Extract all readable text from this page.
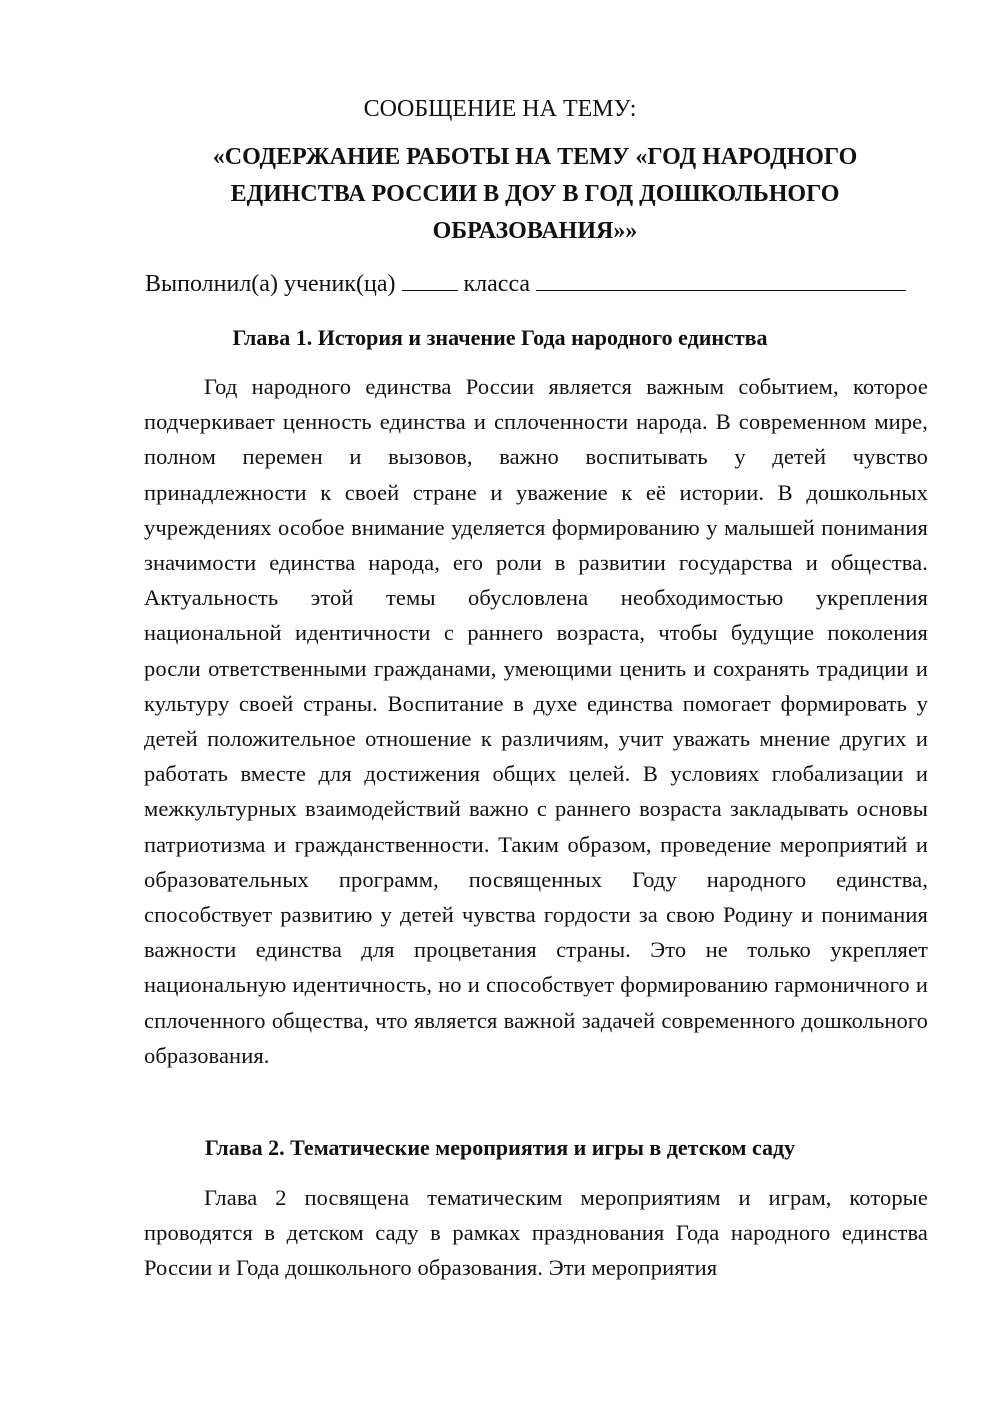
СООБЩЕНИЕ НА ТЕМУ:
«СОДЕРЖАНИЕ РАБОТЫ НА ТЕМУ «ГОД НАРОДНОГО ЕДИНСТВА РОССИИ В ДОУ В ГОД ДОШКОЛЬНОГО ОБРАЗОВАНИЯ»»

Выполнил(а) ученик(ца)	класса

Глава 1. История и значение Года народного единства

Год народного единства России является важным событием, которое подчеркивает ценность единства и сплоченности народа. В современном мире, полном перемен и вызовов, важно воспитывать у детей чувство принадлежности к своей стране и уважение к её истории. В дошкольных учреждениях особое внимание уделяется формированию у малышей понимания значимости единства народа, его роли в развитии государства и общества. Актуальность этой темы обусловлена необходимостью укрепления национальной идентичности с раннего возраста, чтобы будущие поколения росли ответственными гражданами, умеющими ценить и сохранять традиции и культуру своей страны. Воспитание в духе единства помогает формировать у детей положительное отношение к различиям, учит уважать мнение других и работать вместе для достижения общих целей. В условиях глобализации и межкультурных взаимодействий важно с раннего возраста закладывать основы патриотизма и гражданственности. Таким образом, проведение мероприятий и образовательных программ, посвященных Году народного единства, способствует развитию у детей чувства гордости за свою Родину и понимания важности единства для процветания страны. Это не только укрепляет национальную идентичность, но и способствует формированию гармоничного и сплоченного общества, что является важной задачей современного дошкольного образования.

Глава 2. Тематические мероприятия и игры в детском саду

Глава 2 посвящена тематическим мероприятиям и играм, которые проводятся в детском саду в рамках празднования Года народного единства России и Года дошкольного образования. Эти мероприятия
